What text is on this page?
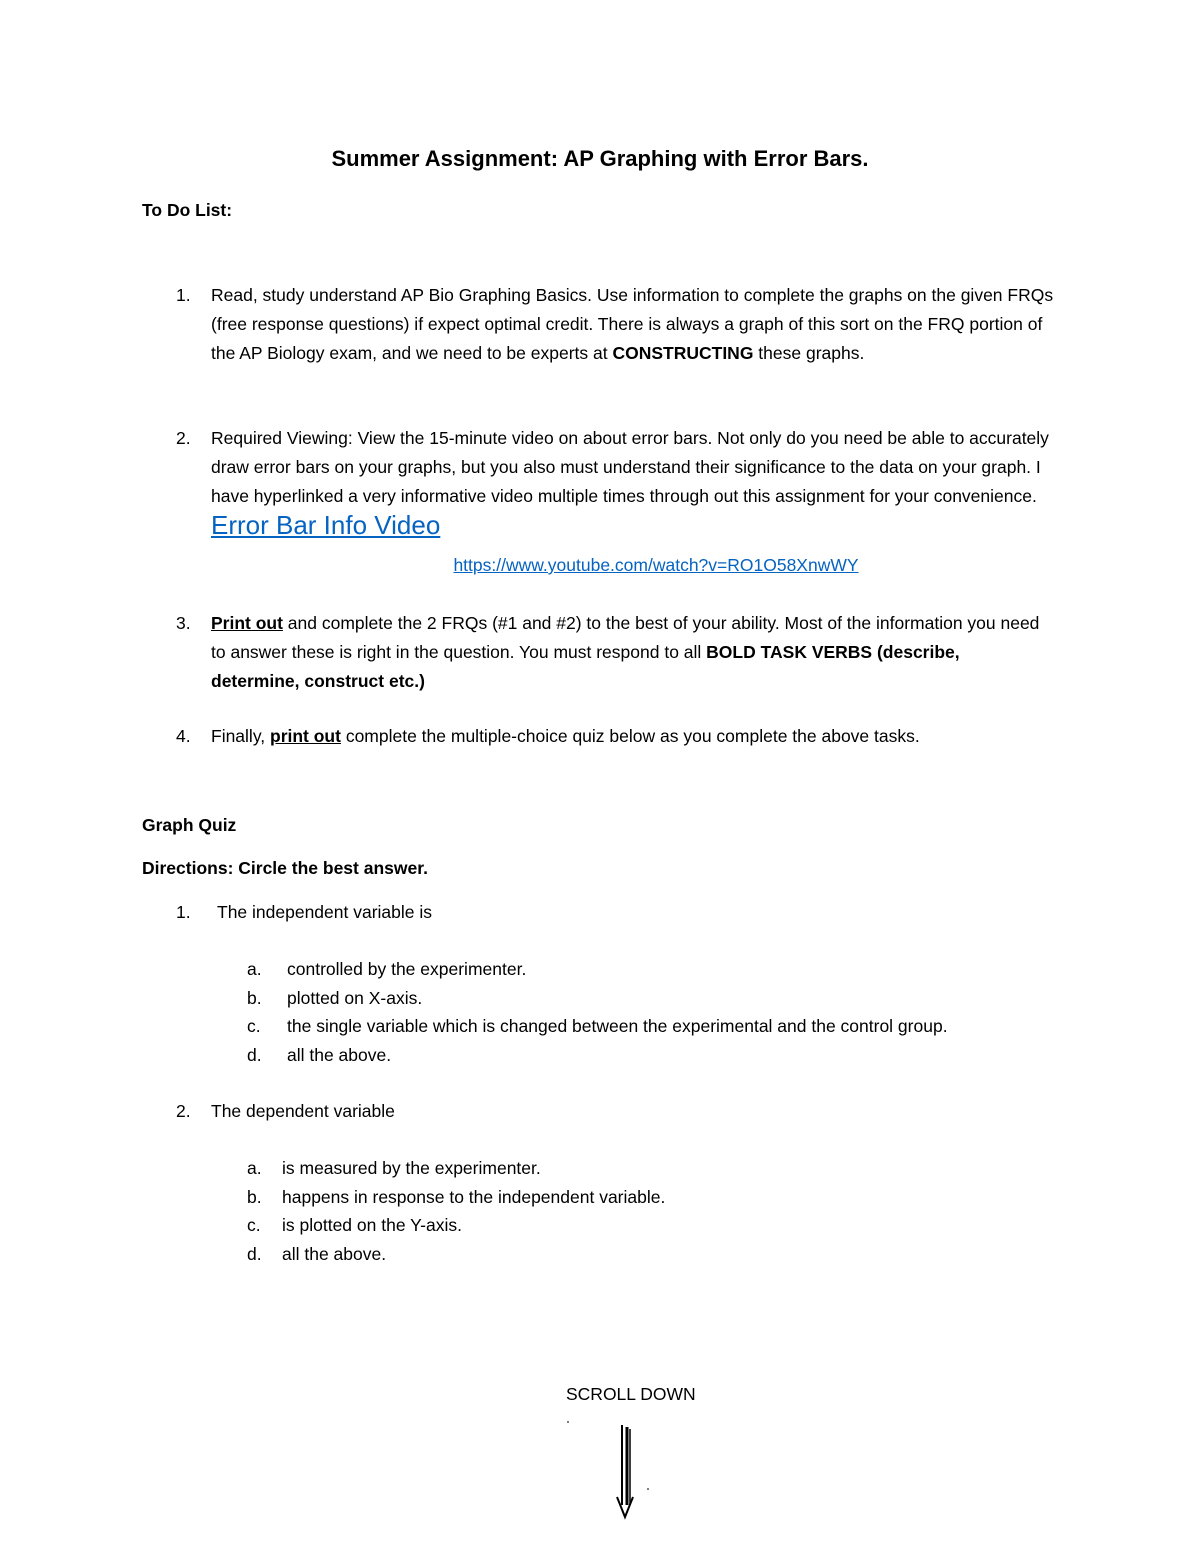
Summer Assignment: AP Graphing with Error Bars.
To Do List:
1. Read, study understand AP Bio Graphing Basics. Use information to complete the graphs on the given FRQs (free response questions) if expect optimal credit. There is always a graph of this sort on the FRQ portion of the AP Biology exam, and we need to be experts at CONSTRUCTING these graphs.
2. Required Viewing: View the 15-minute video on about error bars. Not only do you need be able to accurately draw error bars on your graphs, but you also must understand their significance to the data on your graph. I have hyperlinked a very informative video multiple times through out this assignment for your convenience. Error Bar Info Video
https://www.youtube.com/watch?v=RO1O58XnwWY
3. Print out and complete the 2 FRQs (#1 and #2) to the best of your ability. Most of the information you need to answer these is right in the question. You must respond to all BOLD TASK VERBS (describe, determine, construct etc.)
4. Finally, print out complete the multiple-choice quiz below as you complete the above tasks.
Graph Quiz
Directions: Circle the best answer.
1. The independent variable is
a. controlled by the experimenter.
b. plotted on X-axis.
c. the single variable which is changed between the experimental and the control group.
d. all the above.
2. The dependent variable
a. is measured by the experimenter.
b. happens in response to the independent variable.
c. is plotted on the Y-axis.
d. all the above.
SCROLL DOWN
